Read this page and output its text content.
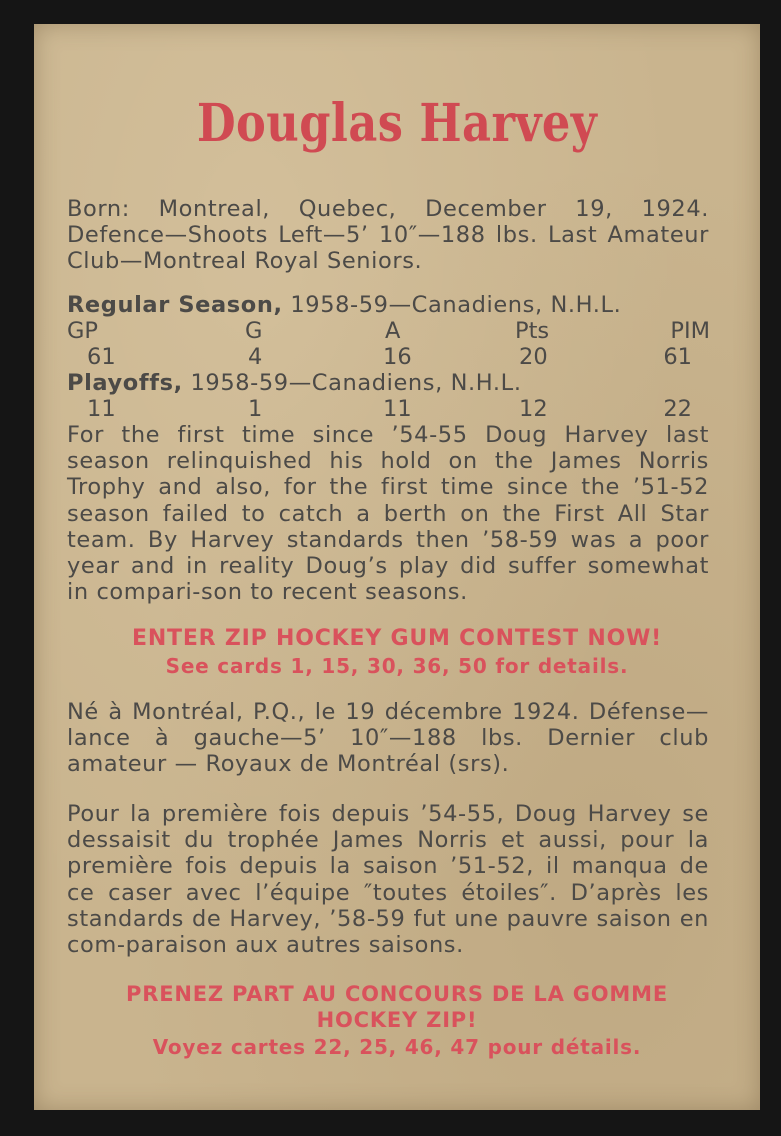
Douglas Harvey

Born: Montreal, Quebec, December 19, 1924. Defence—Shoots Left—5’ 10″—188 lbs. Last Amateur Club—Montreal Royal Seniors.

Regular Season, 1958-59—Canadiens, N.H.L.
GP	G	A	Pts	PIM
61	4	16	20	61
Playoffs, 1958-59—Canadiens, N.H.L.
11	1	11	12	22

For the first time since ’54-55 Doug Harvey last season relinquished his hold on the James Norris Trophy and also, for the first time since the ’51-52 season failed to catch a berth on the First All Star team. By Harvey standards then ’58-59 was a poor year and in reality Doug’s play did suffer somewhat in compari-son to recent seasons.

ENTER ZIP HOCKEY GUM CONTEST NOW!
See cards 1, 15, 30, 36, 50 for details.

Né à Montréal, P.Q., le 19 décembre 1924. Défense—lance à gauche—5’ 10″—188 lbs. Dernier club amateur — Royaux de Montréal (srs).

Pour la première fois depuis ’54-55, Doug Harvey se dessaisit du trophée James Norris et aussi, pour la première fois depuis la saison ’51-52, il manqua de ce caser avec l’équipe ″toutes étoiles″. D’après les standards de Harvey, ’58-59 fut une pauvre saison en com-paraison aux autres saisons.

PRENEZ PART AU CONCOURS DE LA GOMME
HOCKEY ZIP!
Voyez cartes 22, 25, 46, 47 pour détails.
